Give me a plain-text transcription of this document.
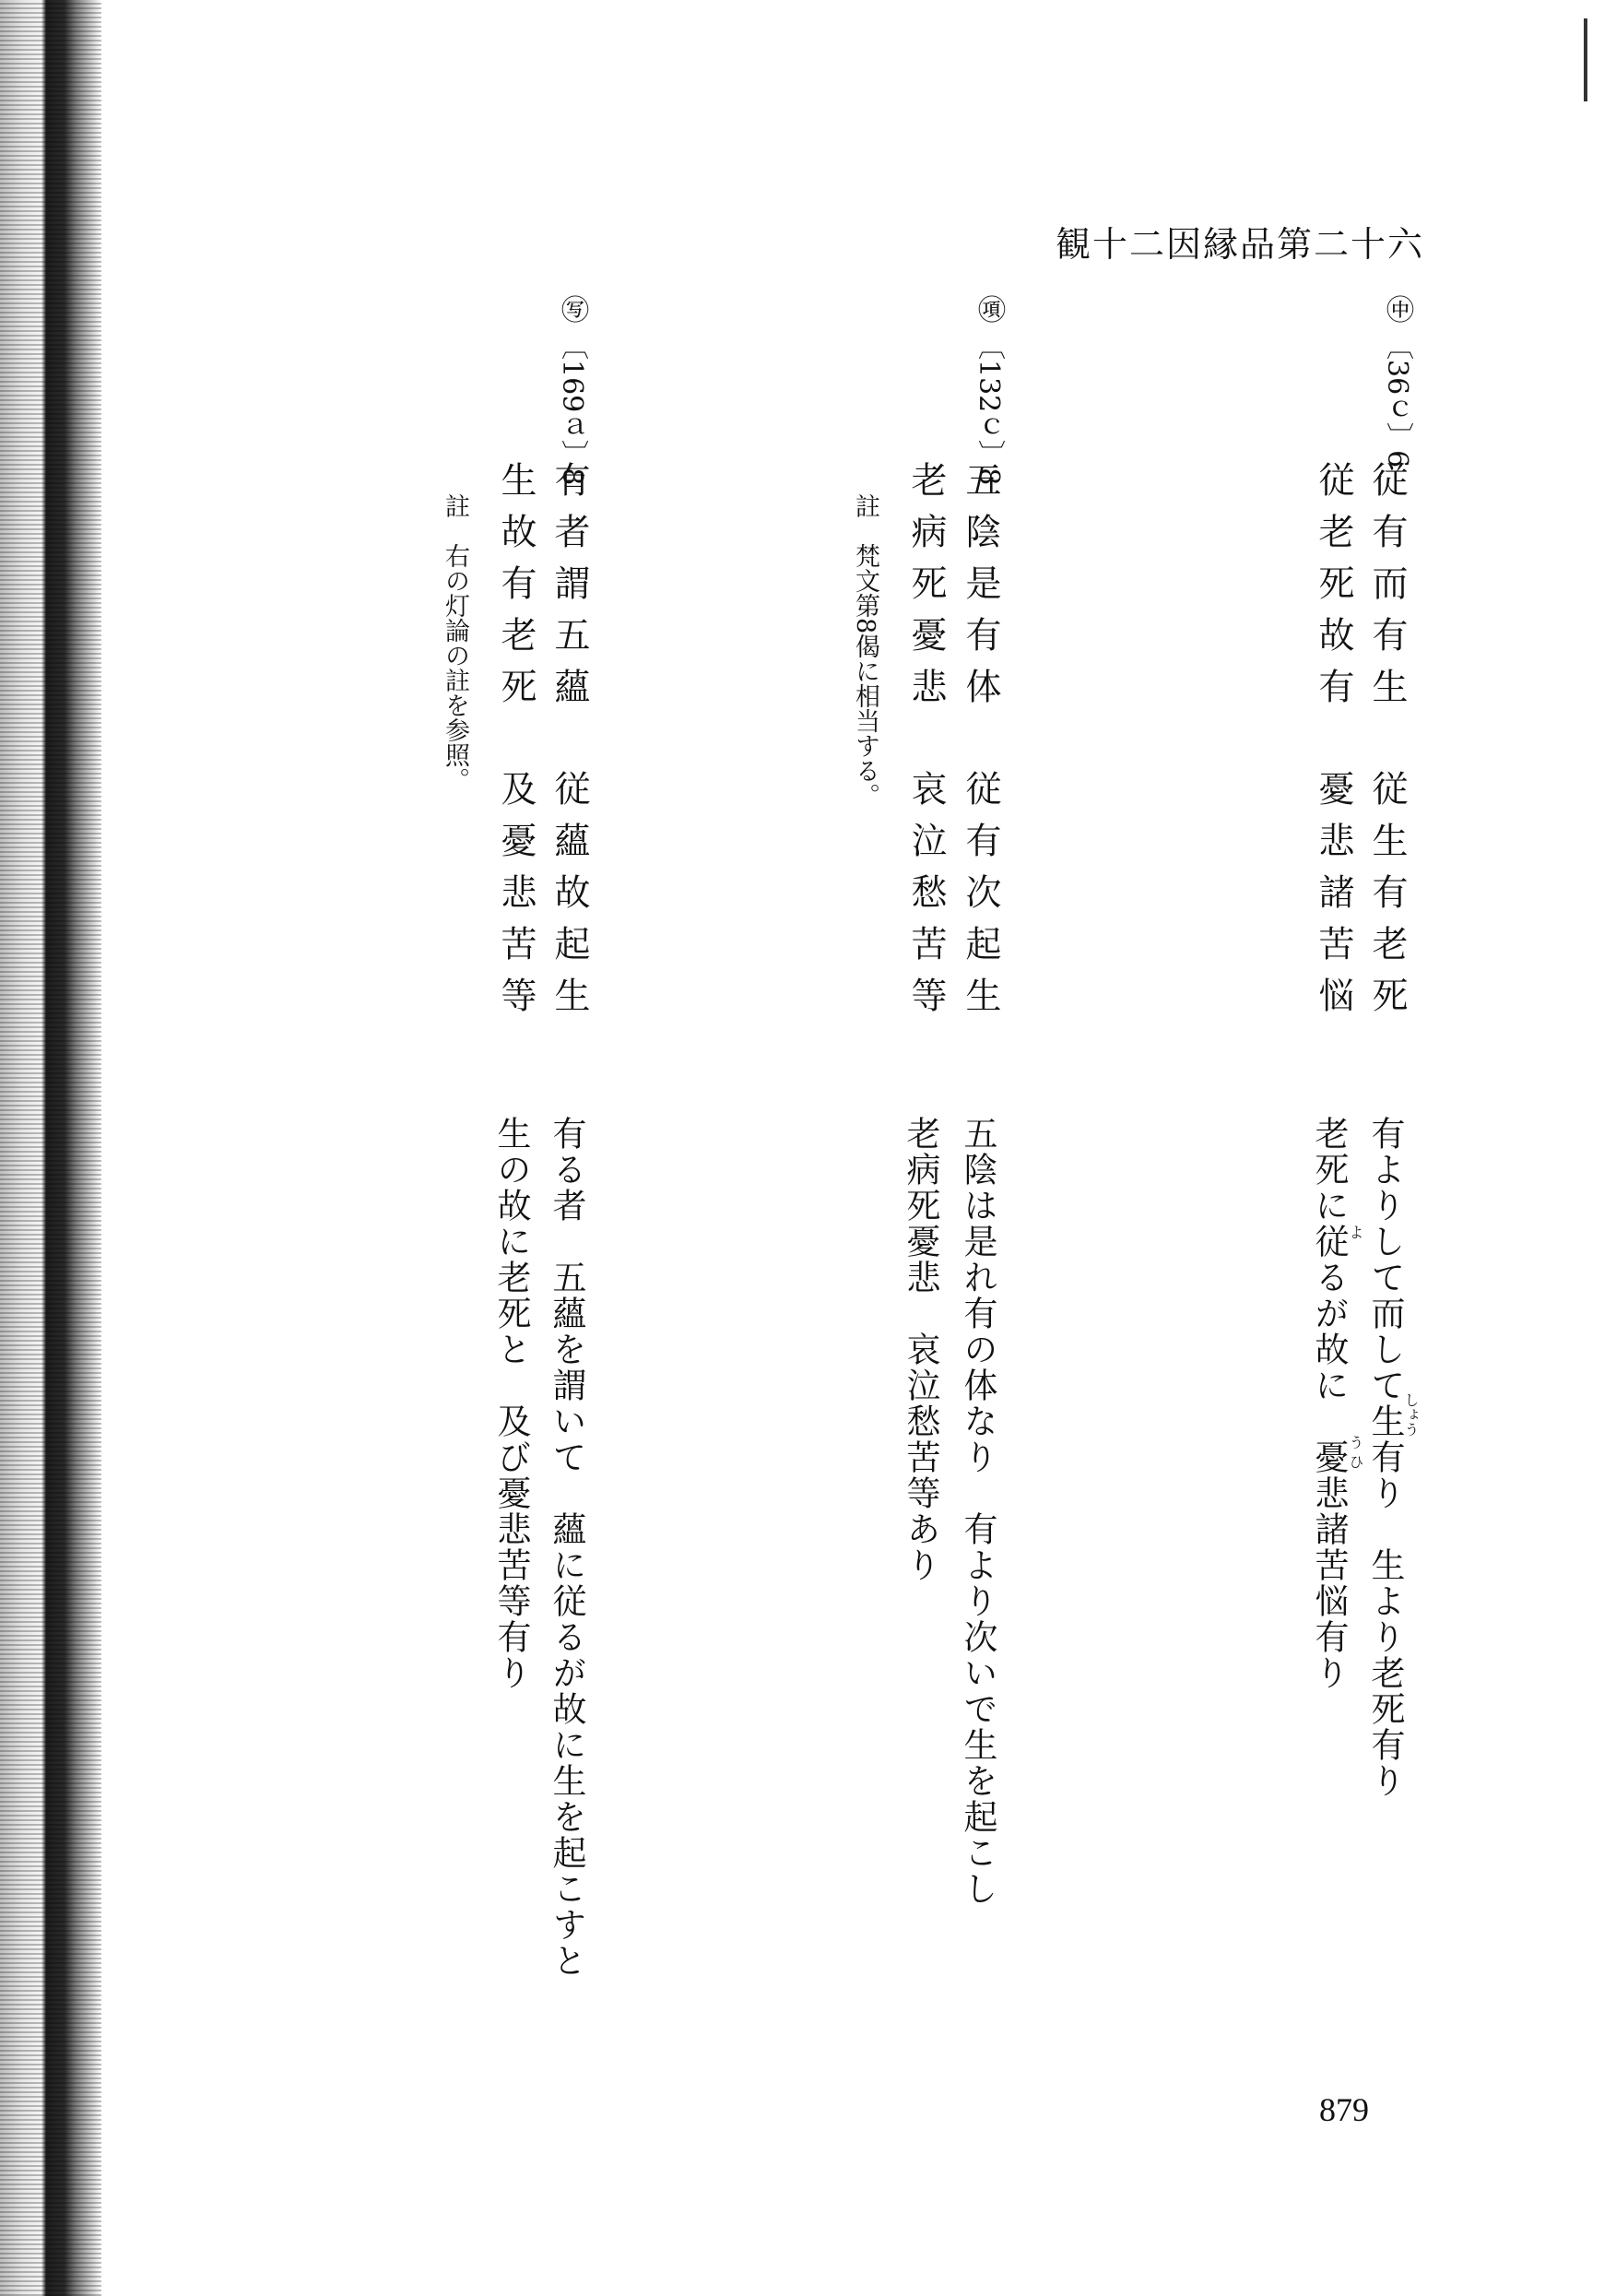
観十二因縁品第二十六
㊥
〔36ｃ〕6
従有而有生
従生有老死
従老死故有
憂悲諸苦悩
有よりして而して生有り　生より老死有り
老死に従るが故に　憂悲諸苦悩有り	しょう
よ
う ひ
㊠
〔132ｃ〕8
五陰是有体
従有次起生
老病死憂悲
哀泣愁苦等
註　梵文第8偈に相当する。
五陰は是れ有の体なり　有より次いで生を起こし
老病死憂悲　哀泣愁苦等あり
㊢
〔169ａ〕8
有者謂五蘊
従蘊故起生
生故有老死
及憂悲苦等
註　右の灯論の註を参照。
有る者　五蘊を謂いて　蘊に従るが故に生を起こすと
生の故に老死と　及び憂悲苦等有り
879
